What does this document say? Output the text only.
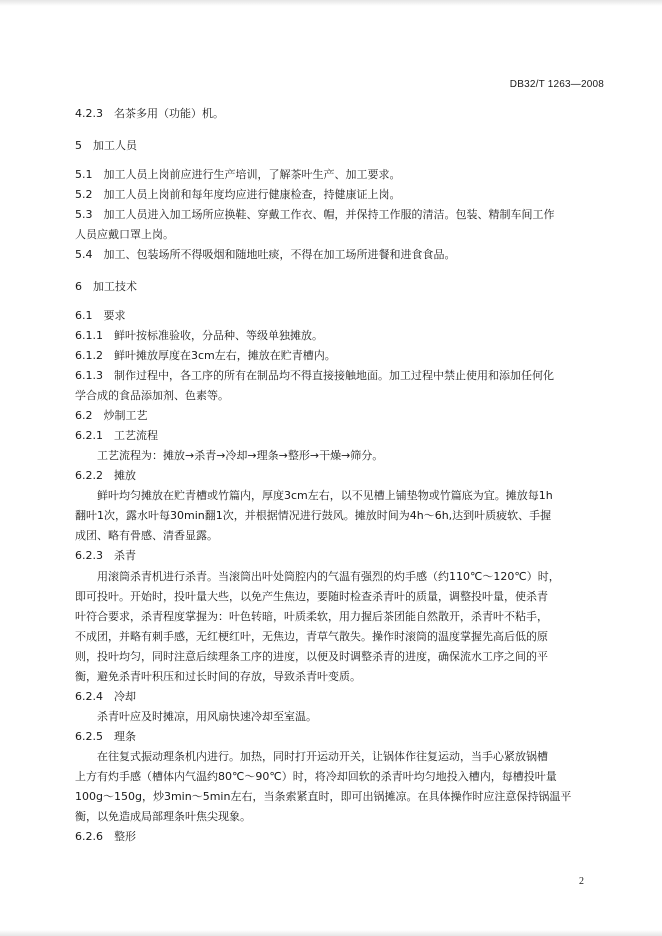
DB32/T 1263—2008
4.2.3　名茶多用（功能）机。
5　加工人员
5.1　加工人员上岗前应进行生产培训，了解茶叶生产、加工要求。
5.2　加工人员上岗前和每年度均应进行健康检查，持健康证上岗。
5.3　加工人员进入加工场所应换鞋、穿戴工作衣、帽，并保持工作服的清洁。包装、精制车间工作
人员应戴口罩上岗。
5.4　加工、包装场所不得吸烟和随地吐痰，不得在加工场所进餐和进食食品。
6　加工技术
6.1　要求
6.1.1　鲜叶按标准验收，分品种、等级单独摊放。
6.1.2　鲜叶摊放厚度在3cm左右，摊放在贮青槽内。
6.1.3　制作过程中，各工序的所有在制品均不得直接接触地面。加工过程中禁止使用和添加任何化
学合成的食品添加剂、色素等。
6.2　炒制工艺
6.2.1　工艺流程
工艺流程为：摊放→杀青→冷却→理条→整形→干燥→筛分。
6.2.2　摊放
鲜叶均匀摊放在贮青槽或竹篇内，厚度3cm左右，以不见槽上铺垫物或竹篇底为宜。摊放每1h
翻叶1次，露水叶每30min翻1次，并根据情况进行鼓风。摊放时间为4h～6h,达到叶质疲软、手握
成团、略有骨感、清香显露。
6.2.3　杀青
用滚筒杀青机进行杀青。当滚筒出叶处筒腔内的气温有强烈的灼手感（约110℃～120℃）时，
即可投叶。开始时，投叶量大些，以免产生焦边，要随时检查杀青叶的质量，调整投叶量，使杀青
叶符合要求，杀青程度掌握为：叶色转暗，叶质柔软，用力握后茶团能自然散开，杀青叶不粘手，
不成团，并略有刺手感，无红梗红叶，无焦边，青草气散失。操作时滚筒的温度掌握先高后低的原
则，投叶均匀，同时注意后续理条工序的进度，以便及时调整杀青的进度，确保流水工序之间的平
衡，避免杀青叶积压和过长时间的存放，导致杀青叶变质。
6.2.4　冷却
杀青叶应及时摊凉，用风扇快速冷却至室温。
6.2.5　理条
在往复式振动理条机内进行。加热，同时打开运动开关，让锅体作往复运动，当手心紧放锅槽
上方有灼手感（槽体内气温约80℃～90℃）时，将冷却回软的杀青叶均匀地投入槽内，每槽投叶量
100g～150g，炒3min～5min左右，当条索紧直时，即可出锅摊凉。在具体操作时应注意保持锅温平
衡，以免造成局部理条叶焦尖现象。
6.2.6　整形
2
